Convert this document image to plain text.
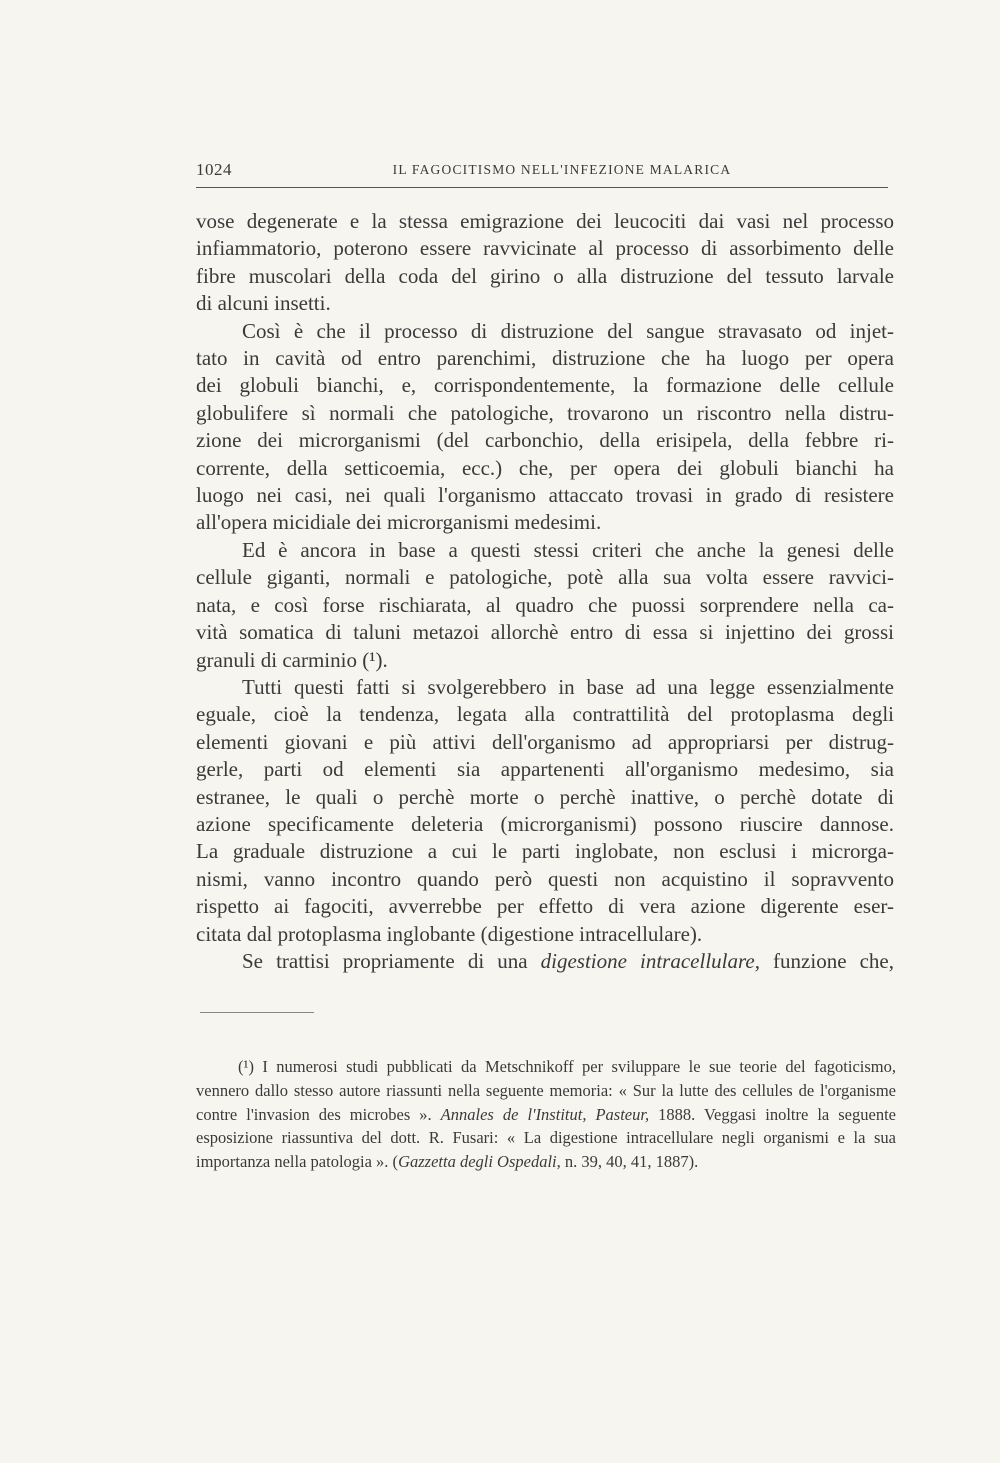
1024	IL FAGOCITISMO NELL'INFEZIONE MALARICA

vose degenerate e la stessa emigrazione dei leucociti dai vasi nel processo
infiammatorio, poterono essere ravvicinate al processo di assorbimento delle
fibre muscolari della coda del girino o alla distruzione del tessuto larvale
di alcuni insetti.

Così è che il processo di distruzione del sangue stravasato od injet-
tato in cavità od entro parenchimi, distruzione che ha luogo per opera
dei globuli bianchi, e, corrispondentemente, la formazione delle cellule
globulifere sì normali che patologiche, trovarono un riscontro nella distru-
zione dei microrganismi (del carbonchio, della erisipela, della febbre ri-
corrente, della setticoemia, ecc.) che, per opera dei globuli bianchi ha
luogo nei casi, nei quali l'organismo attaccato trovasi in grado di resistere
all'opera micidiale dei microrganismi medesimi.

Ed è ancora in base a questi stessi criteri che anche la genesi delle
cellule giganti, normali e patologiche, potè alla sua volta essere ravvici-
nata, e così forse rischiarata, al quadro che puossi sorprendere nella ca-
vità somatica di taluni metazoi allorchè entro di essa si injettino dei grossi
granuli di carminio (¹).

Tutti questi fatti si svolgerebbero in base ad una legge essenzialmente
eguale, cioè la tendenza, legata alla contrattilità del protoplasma degli
elementi giovani e più attivi dell'organismo ad appropriarsi per distrug-
gerle, parti od elementi sia appartenenti all'organismo medesimo, sia
estranee, le quali o perchè morte o perchè inattive, o perchè dotate di
azione specificamente deleteria (microrganismi) possono riuscire dannose.
La graduale distruzione a cui le parti inglobate, non esclusi i microrga-
nismi, vanno incontro quando però questi non acquistino il sopravvento
rispetto ai fagociti, avverrebbe per effetto di vera azione digerente eser-
citata dal protoplasma inglobante (digestione intracellulare).

Se trattisi propriamente di una digestione intracellulare, funzione che,

(¹) I numerosi studi pubblicati da Metschnikoff per sviluppare le sue teorie del fagoticismo, vennero dallo stesso autore riassunti nella seguente memoria: « Sur la lutte des cellules de l'organisme contre l'invasion des microbes ». Annales de l'Institut, Pasteur, 1888. Veggasi inoltre la seguente esposizione riassuntiva del dott. R. Fusari: « La digestione intracellulare negli organismi e la sua importanza nella patologia ». (Gazzetta degli Ospedali, n. 39, 40, 41, 1887).
